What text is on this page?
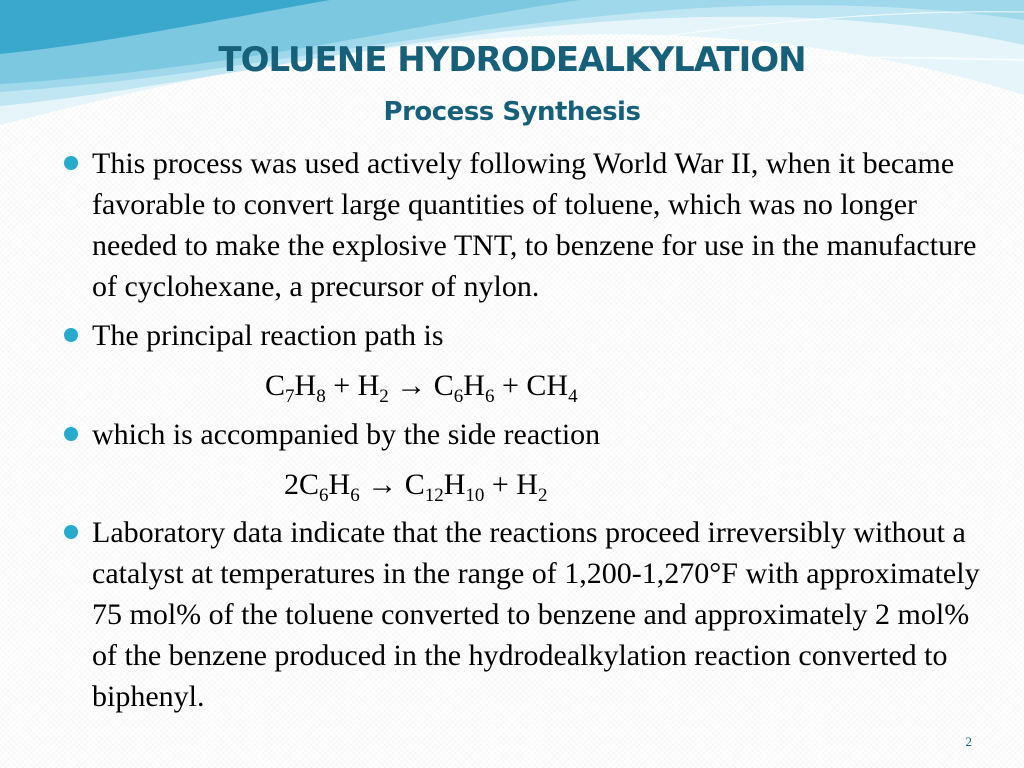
TOLUENE HYDRODEALKYLATION
Process Synthesis
This process was used actively following World War II, when it became favorable to convert large quantities of toluene, which was no longer needed to make the explosive TNT, to benzene for use in the manufacture of cyclohexane, a precursor of nylon.
The principal reaction path is
$C_7H_8 + H_2 \to C_6H_6 + CH_4$
which is accompanied by the side reaction
$2C_6H_6 \to C_{12}H_{10} + H_2$
Laboratory data indicate that the reactions proceed irreversibly without a catalyst at temperatures in the range of 1,200-1,270°F with approximately 75 mol% of the toluene converted to benzene and approximately 2 mol% of the benzene produced in the hydrodealkylation reaction converted to biphenyl.
2
